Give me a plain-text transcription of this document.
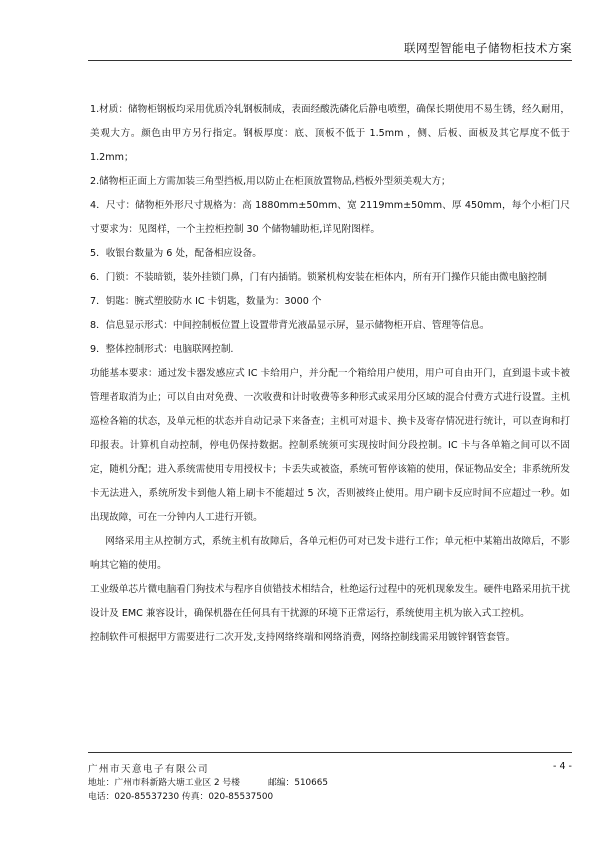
联网型智能电子储物柜技术方案

1.材质：储物柜钢板均采用优质冷轧钢板制成，表面经酸洗磷化后静电喷塑，确保长期使用不易生锈，经久耐用，美观大方。颜色由甲方另行指定。钢板厚度：底、顶板不低于 1.5mm ，侧、后板、面板及其它厚度不低于 1.2mm；

2.储物柜正面上方需加装三角型挡板,用以防止在柜顶放置物品,档板外型须美观大方；

4．尺寸：储物柜外形尺寸规格为：高 1880mm±50mm、宽 2119mm±50mm、厚 450mm，每个小柜门尺寸要求为：见图样，一个主控柜控制 30 个储物辅助柜,详见附图样。

5．收银台数量为 6 处，配备相应设备。

6．门锁：不装暗锁，装外挂锁门鼻，门有内插销。锁紧机构安装在柜体内，所有开门操作只能由微电脑控制

7．钥匙：腕式塑胶防水 IC 卡钥匙，数量为：3000 个

8．信息显示形式：中间控制板位置上设置带背光液晶显示屏，显示储物柜开启、管理等信息。

9．整体控制形式：电脑联网控制.

功能基本要求：通过发卡器发感应式 IC 卡给用户，并分配一个箱给用户使用，用户可自由开门，直到退卡或卡被管理者取消为止；可以自由对免费、一次收费和计时收费等多种形式或采用分区域的混合付费方式进行设置。主机巡检各箱的状态，及单元柜的状态并自动记录下来备查；主机可对退卡、换卡及寄存情况进行统计，可以查询和打印报表。计算机自动控制，停电仍保持数据。控制系统须可实现按时间分段控制。IC 卡与各单箱之间可以不固定，随机分配；进入系统需使用专用授权卡；卡丢失或被盗，系统可暂停该箱的使用，保证物品安全；非系统所发卡无法进入，系统所发卡到他人箱上刷卡不能超过 5 次，否则被终止使用。用户刷卡反应时间不应超过一秒。如出现故障，可在一分钟内人工进行开锁。

网络采用主从控制方式，系统主机有故障后，各单元柜仍可对已发卡进行工作；单元柜中某箱出故障后，不影响其它箱的使用。

工业级单芯片微电脑看门狗技术与程序自侦错技术相结合，杜绝运行过程中的死机现象发生。硬件电路采用抗干扰设计及 EMC 兼容设计，确保机器在任何具有干扰源的环境下正常运行，系统使用主机为嵌入式工控机。

控制软件可根据甲方需要进行二次开发,支持网络终端和网络消费，网络控制线需采用镀锌钢管套管。

广州市天意电子有限公司	- 4 -
地址：广州市科新路大塘工业区 2 号楼	邮编：510665
电话：020-85537230 传真：020-85537500
